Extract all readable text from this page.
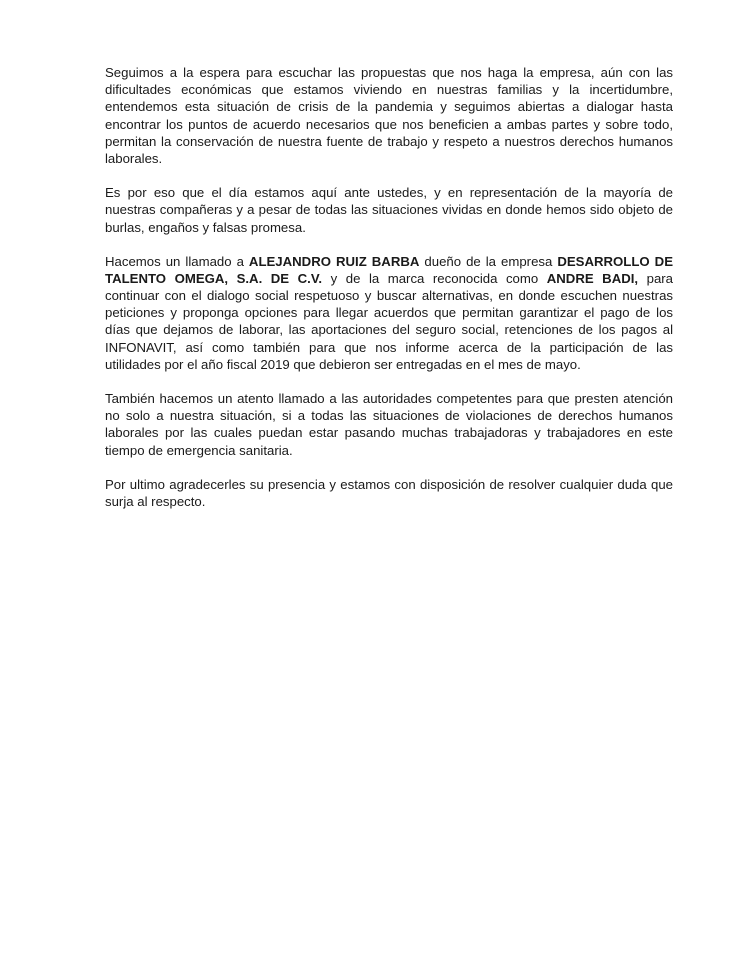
Seguimos a la espera para escuchar las propuestas que nos haga la empresa, aún con las
dificultades económicas que estamos viviendo en nuestras familias y la incertidumbre,
entendemos esta situación de crisis de la pandemia y seguimos abiertas a dialogar hasta
encontrar los puntos de acuerdo necesarios que nos beneficien a ambas partes y sobre todo,
permitan la conservación de nuestra fuente de trabajo y respeto a nuestros derechos humanos
laborales.
Es por eso que el día estamos aquí ante ustedes, y en representación de la mayoría de
nuestras compañeras y a pesar de todas las situaciones vividas en donde hemos sido objeto de
burlas, engaños y falsas promesa.
Hacemos un llamado a ALEJANDRO RUIZ BARBA dueño de la empresa DESARROLLO DE
TALENTO OMEGA, S.A. DE C.V. y de la marca reconocida como ANDRE BADI, para
continuar con el dialogo social respetuoso y buscar alternativas, en donde escuchen nuestras
peticiones y proponga opciones para llegar acuerdos que permitan garantizar el pago de los
días que dejamos de laborar, las aportaciones del seguro social, retenciones de los pagos al
INFONAVIT, así como también para que nos informe acerca de la participación de las
utilidades por el año fiscal 2019 que debieron ser entregadas en el mes de mayo.
También hacemos un atento llamado a las autoridades competentes para que presten atención
no solo a nuestra situación, si a todas las situaciones de violaciones de derechos humanos
laborales por las cuales puedan estar pasando muchas trabajadoras y trabajadores en este
tiempo de emergencia sanitaria.
Por ultimo agradecerles su presencia y estamos con disposición de resolver cualquier duda que
surja al respecto.
